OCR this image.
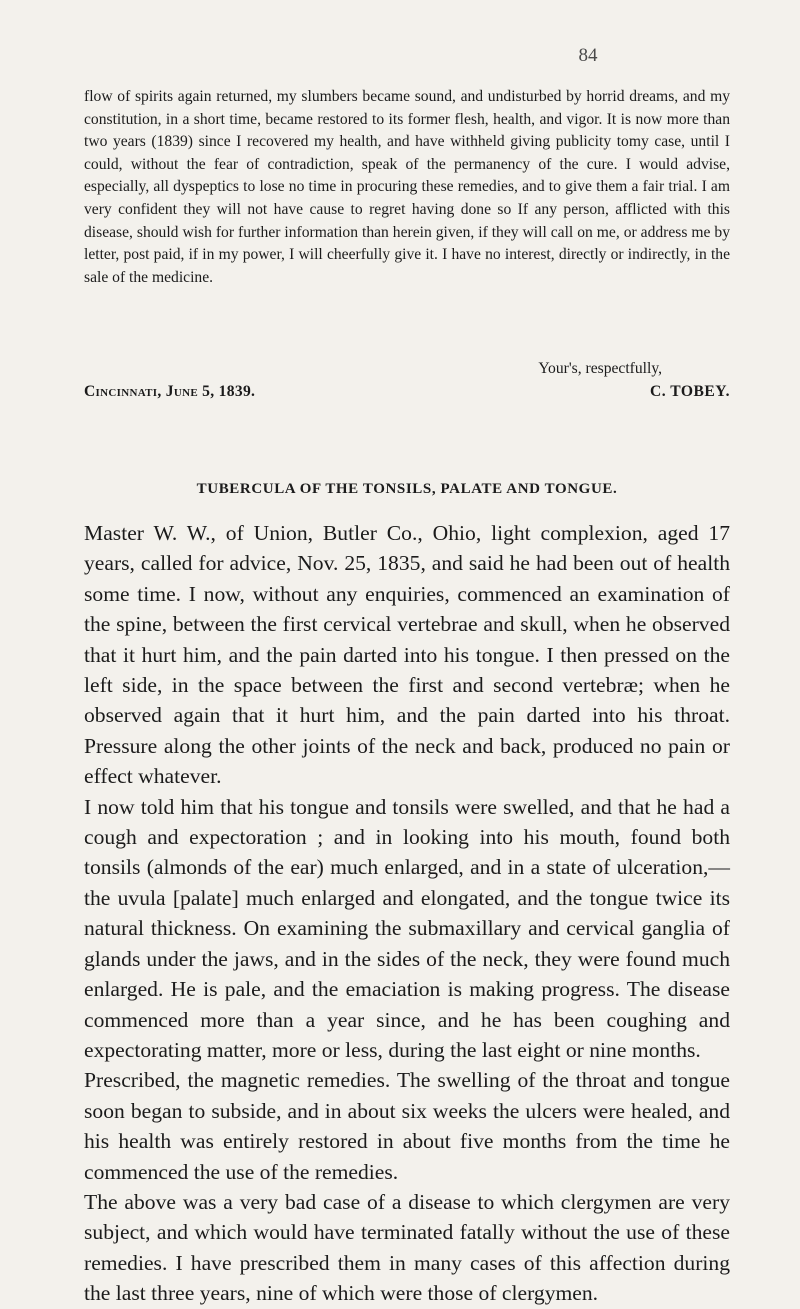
84

flow of spirits again returned, my slumbers became sound, and undisturbed by horrid dreams, and my constitution, in a short time, became restored to its former flesh, health, and vigor. It is now more than two years (1839) since I recovered my health, and have withheld giving publicity tomy case, until I could, without the fear of contradiction, speak of the permanency of the cure. I would advise, especially, all dyspeptics to lose no time in procuring these remedies, and to give them a fair trial. I am very confident they will not have cause to regret having done so If any person, afflicted with this disease, should wish for further information than herein given, if they will call on me, or address me by letter, post paid, if in my power, I will cheerfully give it. I have no interest, directly or indirectly, in the sale of the medicine.

Your's, respectfully,
Cincinnati, June 5, 1839.	C. TOBEY.
TUBERCULA OF THE TONSILS, PALATE AND TONGUE.

Master W. W., of Union, Butler Co., Ohio, light complexion, aged 17 years, called for advice, Nov. 25, 1835, and said he had been out of health some time. I now, without any enquiries, commenced an examination of the spine, between the first cervical vertebrae and skull, when he observed that it hurt him, and the pain darted into his tongue. I then pressed on the left side, in the space between the first and second vertebræ; when he observed again that it hurt him, and the pain darted into his throat. Pressure along the other joints of the neck and back, produced no pain or effect whatever.

I now told him that his tongue and tonsils were swelled, and that he had a cough and expectoration ; and in looking into his mouth, found both tonsils (almonds of the ear) much enlarged, and in a state of ulceration,—the uvula [palate] much enlarged and elongated, and the tongue twice its natural thickness. On examining the submaxillary and cervical ganglia of glands under the jaws, and in the sides of the neck, they were found much enlarged. He is pale, and the emaciation is making progress. The disease commenced more than a year since, and he has been coughing and expectorating matter, more or less, during the last eight or nine months.

Prescribed, the magnetic remedies. The swelling of the throat and tongue soon began to subside, and in about six weeks the ulcers were healed, and his health was entirely restored in about five months from the time he commenced the use of the remedies.

The above was a very bad case of a disease to which clergymen are very subject, and which would have terminated fatally without the use of these remedies. I have prescribed them in many cases of this affection during the last three years, nine of which were those of clergymen.
